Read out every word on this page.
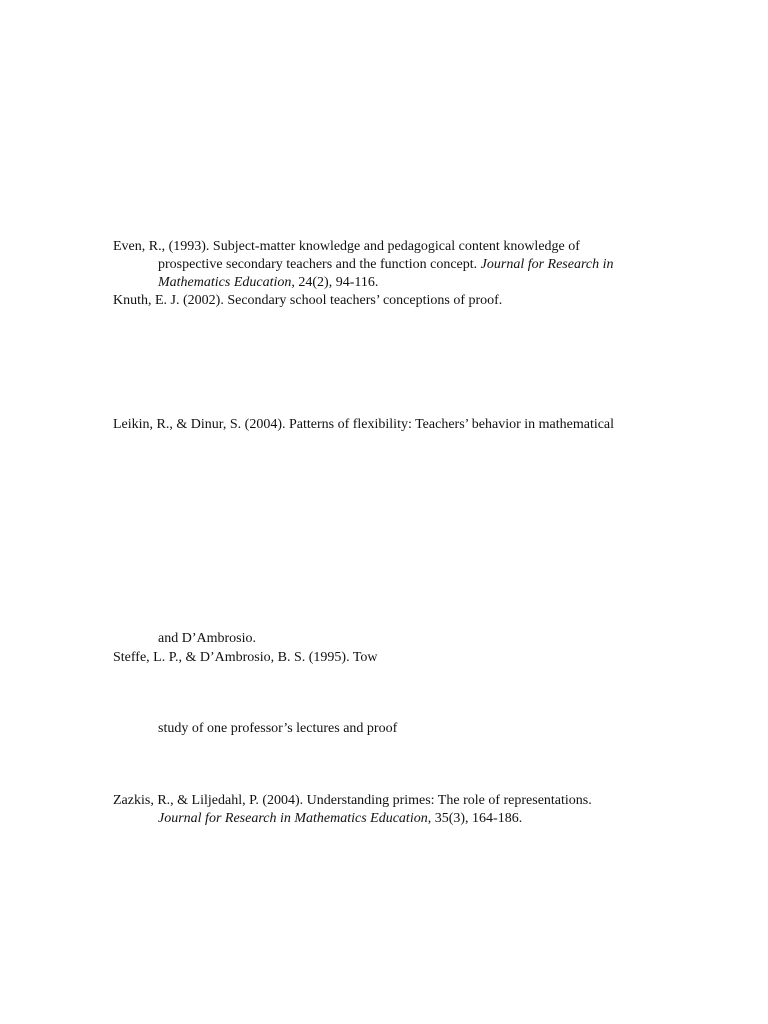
Even, R., (1993). Subject-matter knowledge and pedagogical content knowledge of
prospective secondary teachers and the function concept. Journal for Research in
Mathematics Education, 24(2), 94-116.
Knuth, E. J. (2002). Secondary school teachers’ conceptions of proof.
Leikin, R., & Dinur, S. (2004). Patterns of flexibility: Teachers’ behavior in mathematical
and D’Ambrosio.
Steffe, L. P., & D’Ambrosio, B. S. (1995). Tow
study of one professor’s lectures and proof
Zazkis, R., & Liljedahl, P. (2004). Understanding primes: The role of representations.
Journal for Research in Mathematics Education, 35(3), 164-186.
